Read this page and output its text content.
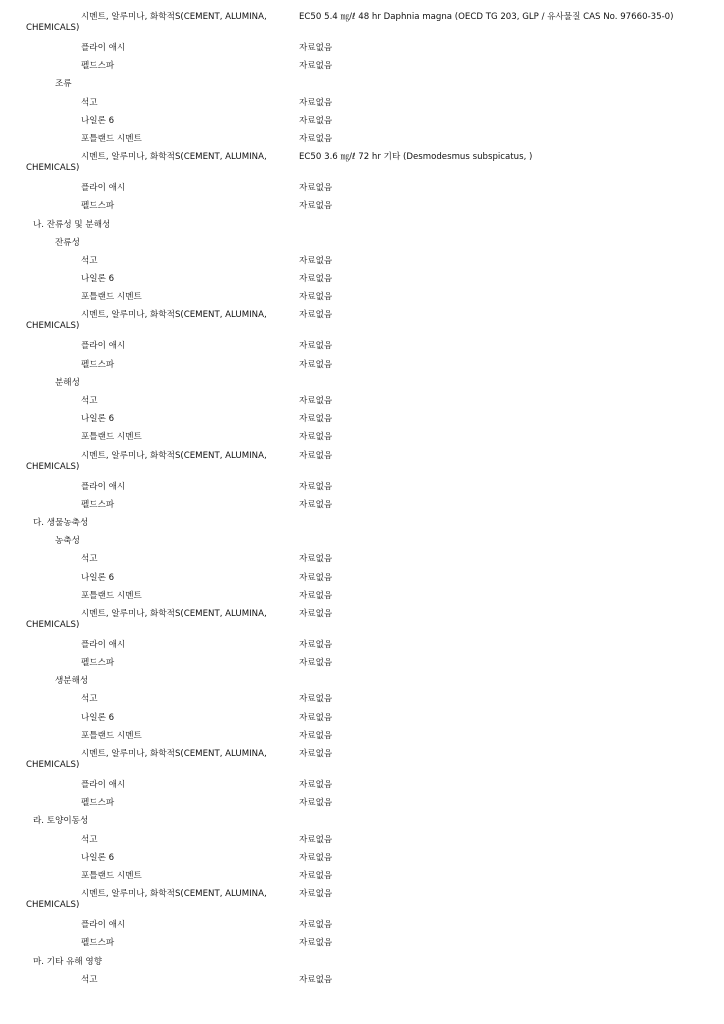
시멘트, 알루미나, 화학적S(CEMENT, ALUMINA,
CHEMICALS)
EC50 5.4 ㎎/ℓ 48 hr Daphnia magna (OECD TG 203, GLP / 유사물질 CAS No. 97660-35-0)
플라이 애시	자료없음
펠드스파	자료없음
조류
석고	자료없음
나일론 6	자료없음
포틀랜드 시멘트	자료없음
시멘트, 알루미나, 화학적S(CEMENT, ALUMINA,
CHEMICALS)
EC50 3.6 ㎎/ℓ 72 hr 기타 (Desmodesmus subspicatus, )
플라이 애시	자료없음
펠드스파	자료없음
나. 잔류성 및 분해성
잔류성
석고	자료없음
나일론 6	자료없음
포틀랜드 시멘트	자료없음
시멘트, 알루미나, 화학적S(CEMENT, ALUMINA,
CHEMICALS)
자료없음
플라이 애시	자료없음
펠드스파	자료없음
분해성
석고	자료없음
나일론 6	자료없음
포틀랜드 시멘트	자료없음
시멘트, 알루미나, 화학적S(CEMENT, ALUMINA,
CHEMICALS)
자료없음
플라이 애시	자료없음
펠드스파	자료없음
다. 생물농축성
농축성
석고	자료없음
나일론 6	자료없음
포틀랜드 시멘트	자료없음
시멘트, 알루미나, 화학적S(CEMENT, ALUMINA,
CHEMICALS)
자료없음
플라이 애시	자료없음
펠드스파	자료없음
생분해성
석고	자료없음
나일론 6	자료없음
포틀랜드 시멘트	자료없음
시멘트, 알루미나, 화학적S(CEMENT, ALUMINA,
CHEMICALS)
자료없음
플라이 애시	자료없음
펠드스파	자료없음
라. 토양이동성
석고	자료없음
나일론 6	자료없음
포틀랜드 시멘트	자료없음
시멘트, 알루미나, 화학적S(CEMENT, ALUMINA,
CHEMICALS)
자료없음
플라이 애시	자료없음
펠드스파	자료없음
마. 기타 유해 영향
석고	자료없음
